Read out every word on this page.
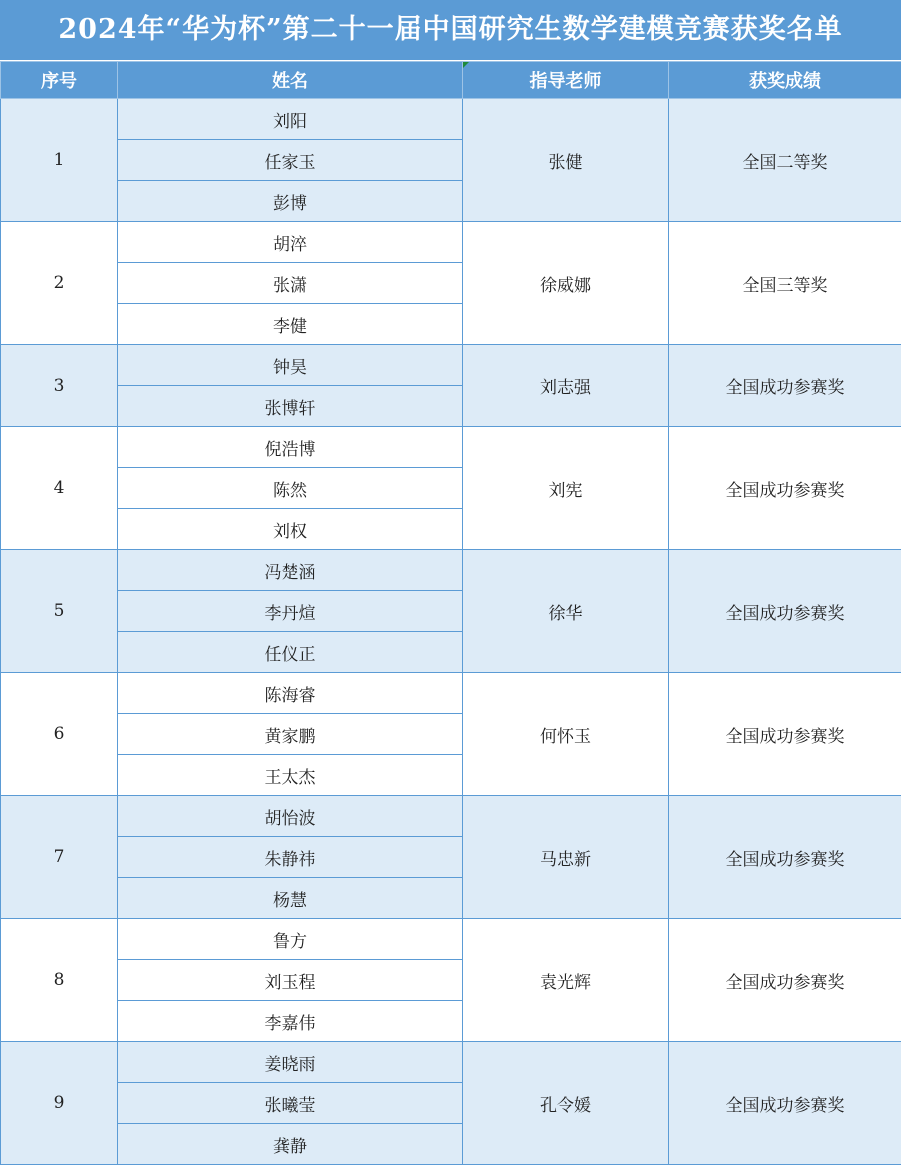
2024年“华为杯”第二十一届中国研究生数学建模竞赛获奖名单
序号	姓名	指导老师	获奖成绩
1	刘阳	张健	全国二等奖
	任家玉		
	彭博		
2	胡淬	徐威娜	全国三等奖
	张潇		
	李健		
3	钟昊	刘志强	全国成功参赛奖
	张博轩		
4	倪浩博	刘宪	全国成功参赛奖
	陈然		
	刘权		
5	冯楚涵	徐华	全国成功参赛奖
	李丹煊		
	任仪正		
6	陈海睿	何怀玉	全国成功参赛奖
	黄家鹏		
	王太杰		
7	胡怡波	马忠新	全国成功参赛奖
	朱静祎		
	杨慧		
8	鲁方	袁光辉	全国成功参赛奖
	刘玉程		
	李嘉伟		
9	姜晓雨	孔令媛	全国成功参赛奖
	张曦莹		
	龚静		
